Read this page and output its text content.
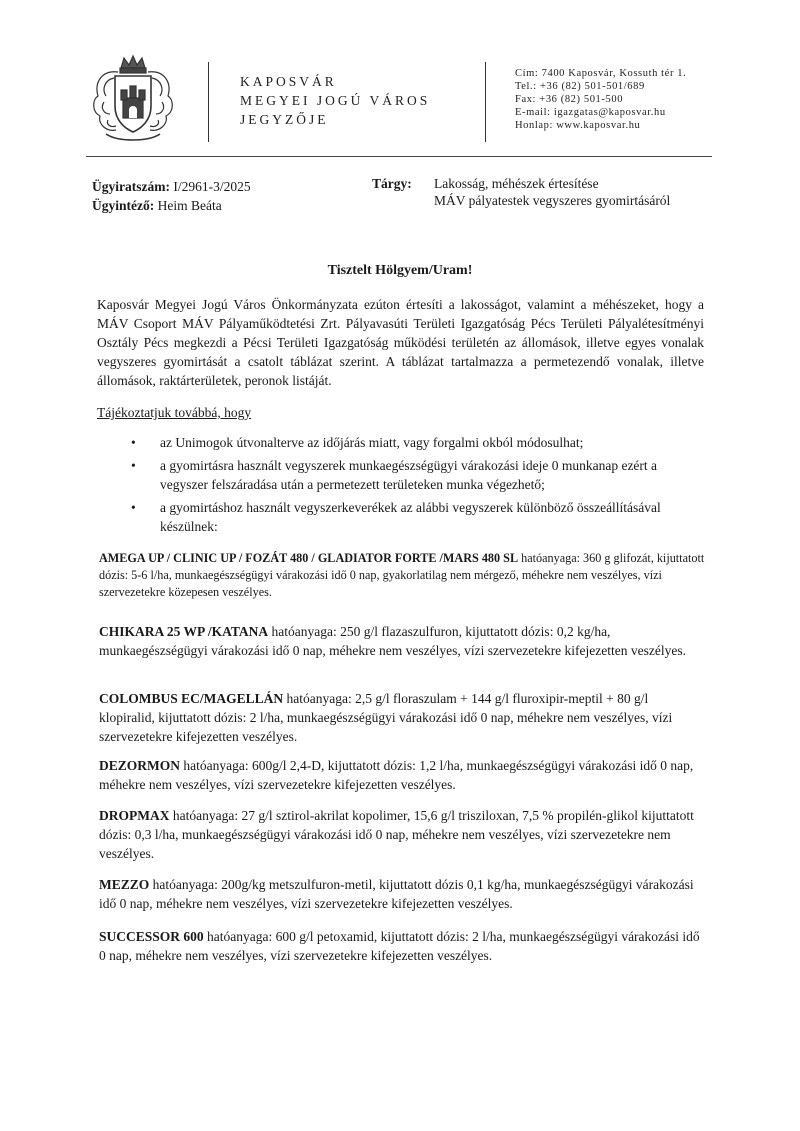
KAPOSVÁR
MEGYEI JOGÚ VÁROS
JEGYZŐJE
Cím: 7400 Kaposvár, Kossuth tér 1.
Tel.: +36 (82) 501-501/689
Fax: +36 (82) 501-500
E-mail: igazgatas@kaposvar.hu
Honlap: www.kaposvar.hu
Ügyiratszám: I/2961-3/2025
Ügyintéző: Heim Beáta
Tárgy: Lakosság, méhészek értesítése
MÁV pályatestek vegyszeres gyomirtásáról
Tisztelt Hölgyem/Uram!
Kaposvár Megyei Jogú Város Önkormányzata ezúton értesíti a lakosságot, valamint a méhészeket, hogy a MÁV Csoport MÁV Pályaműködtetési Zrt. Pályavasúti Területi Igazgatóság Pécs Területi Pályalétesítményi Osztály Pécs megkezdi a Pécsi Területi Igazgatóság működési területén az állomások, illetve egyes vonalak vegyszeres gyomirtását a csatolt táblázat szerint. A táblázat tartalmazza a permetezendő vonalak, illetve állomások, raktárterületek, peronok listáját.
Tájékoztatjuk továbbá, hogy
• az Unimogok útvonalterve az időjárás miatt, vagy forgalmi okból módosulhat;
• a gyomirtásra használt vegyszerek munkaegészségügyi várakozási ideje 0 munkanap ezért a vegyszer felszáradása után a permetezett területeken munka végezhető;
• a gyomirtáshoz használt vegyszerkeverékek az alábbi vegyszerek különböző összeállításával készülnek:
AMEGA UP / CLINIC UP / FOZÁT 480 / GLADIATOR FORTE /MARS 480 SL hatóanyaga: 360 g glifozát, kijuttatott dózis: 5-6 l/ha, munkaegészségügyi várakozási idő 0 nap, gyakorlatilag nem mérgező, méhekre nem veszélyes, vízi szervezetekre közepesen veszélyes.
CHIKARA 25 WP /KATANA hatóanyaga: 250 g/l flazaszulfuron, kijuttatott dózis: 0,2 kg/ha, munkaegészségügyi várakozási idő 0 nap, méhekre nem veszélyes, vízi szervezetekre kifejezetten veszélyes.
COLOMBUS EC/MAGELLÁN hatóanyaga: 2,5 g/l floraszulam + 144 g/l fluroxipir-meptil + 80 g/l klopiralid, kijuttatott dózis: 2 l/ha, munkaegészségügyi várakozási idő 0 nap, méhekre nem veszélyes, vízi szervezetekre kifejezetten veszélyes.
DEZORMON hatóanyaga: 600g/l 2,4-D, kijuttatott dózis: 1,2 l/ha, munkaegészségügyi várakozási idő 0 nap, méhekre nem veszélyes, vízi szervezetekre kifejezetten veszélyes.
DROPMAX hatóanyaga: 27 g/l sztirol-akrilat kopolimer, 15,6 g/l trisziloxan, 7,5 % propilén-glikol kijuttatott dózis: 0,3 l/ha, munkaegészségügyi várakozási idő 0 nap, méhekre nem veszélyes, vízi szervezetekre nem veszélyes.
MEZZO hatóanyaga: 200g/kg metszulfuron-metil, kijuttatott dózis 0,1 kg/ha, munkaegészségügyi várakozási idő 0 nap, méhekre nem veszélyes, vízi szervezetekre kifejezetten veszélyes.
SUCCESSOR 600 hatóanyaga: 600 g/l petoxamid, kijuttatott dózis: 2 l/ha, munkaegészségügyi várakozási idő 0 nap, méhekre nem veszélyes, vízi szervezetekre kifejezetten veszélyes.
